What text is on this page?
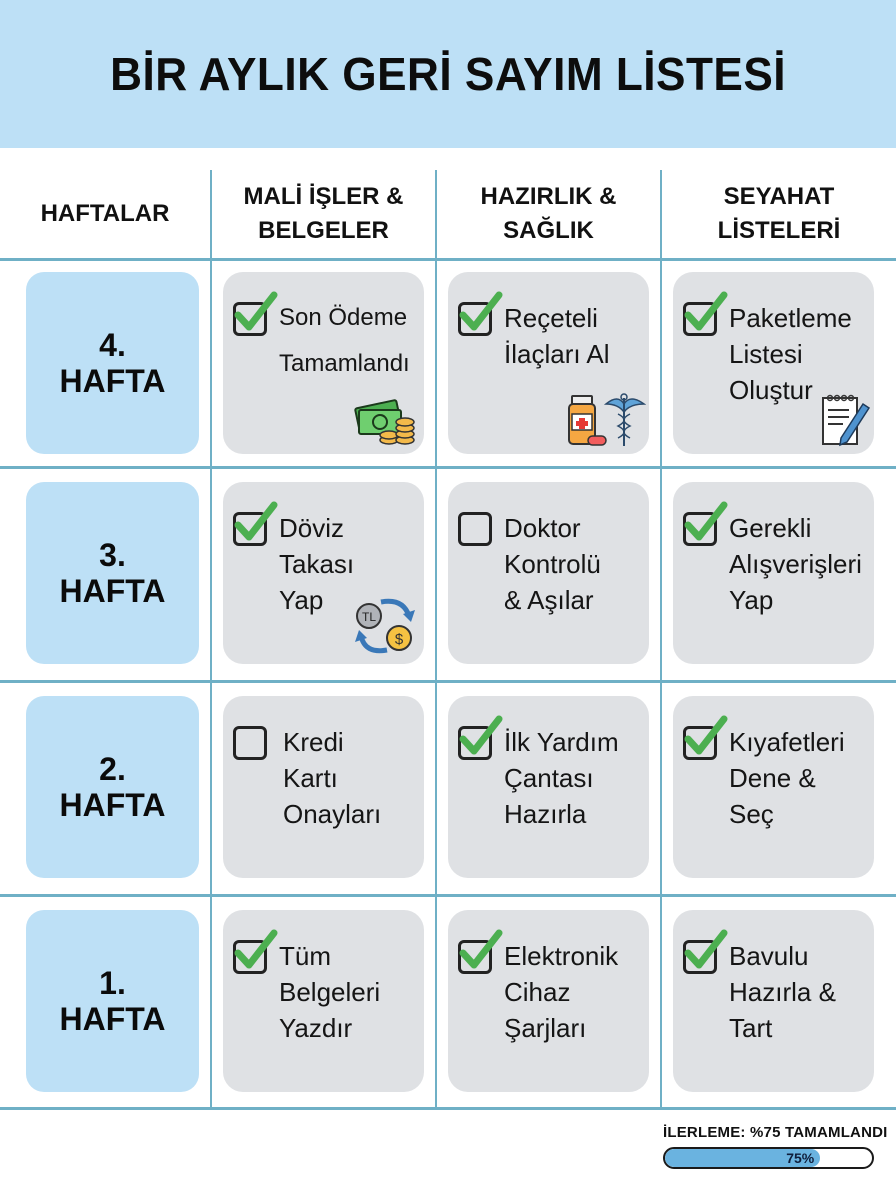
BİR AYLIK GERİ SAYIM LİSTESİ
HAFTALAR
MALİ İŞLER & BELGELER
HAZIRLIK & SAĞLIK
SEYAHAT LİSTELERİ
4.
HAFTA
Son Ödeme
Tamamlandı
Reçeteli İlaçları Al
Paketleme Listesi Oluştur
3.
HAFTA
Döviz Takası Yap
TL
$
Doktor Kontrolü & Aşılar
Gerekli Alışverişleri Yap
2.
HAFTA
Kredi Kartı Onayları
İlk Yardım Çantası Hazırla
Kıyafetleri Dene & Seç
1.
HAFTA
Tüm Belgeleri Yazdır
Elektronik Cihaz Şarjları
Bavulu Hazırla & Tart
İLERLEME: %75 TAMAMLANDI
75%
